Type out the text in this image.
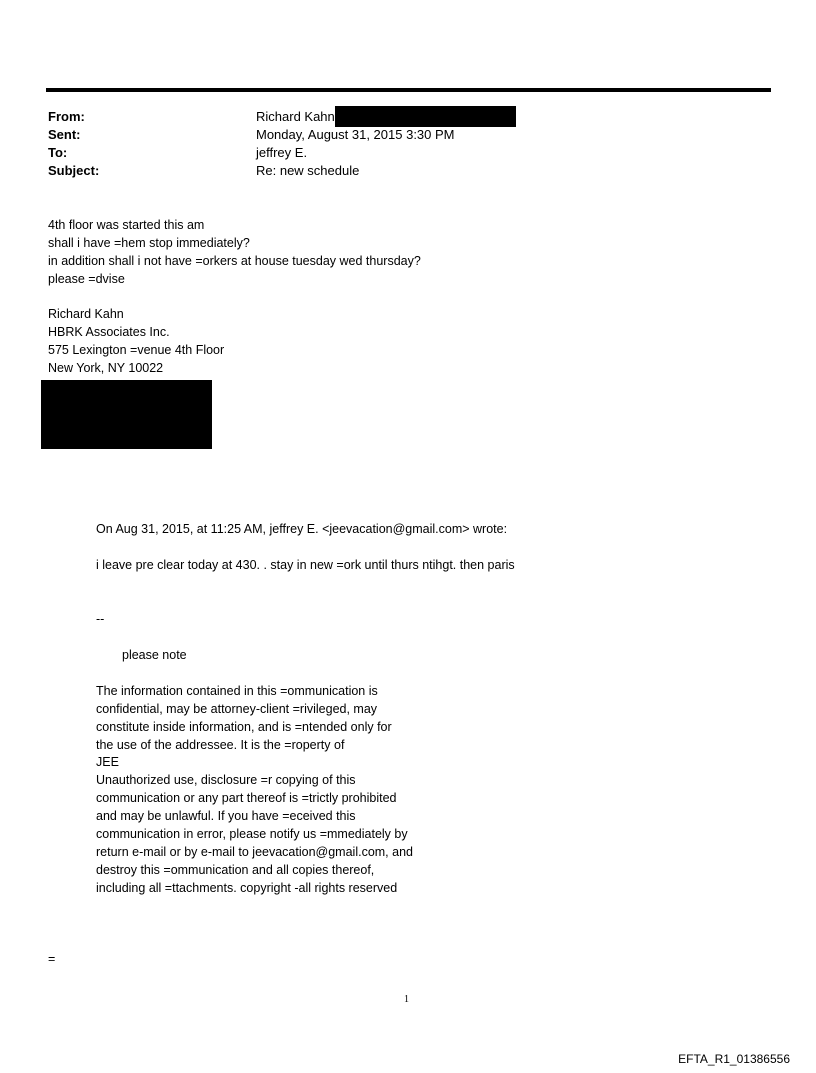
From:	Richard Kahn
Sent:	Monday, August 31, 2015 3:30 PM
To:	jeffrey E.
Subject:	Re: new schedule
4th floor was started this am
shall i have =hem stop immediately?
in addition shall i not have =orkers at house tuesday wed thursday?
please =dvise
Richard Kahn
HBRK Associates Inc.
575 Lexington =venue 4th Floor
New York, NY 10022
On Aug 31, 2015, at 11:25 AM, jeffrey E. <jeevacation@gmail.com> wrote:
i leave pre clear today at 430. . stay in new =ork until thurs ntihgt. then paris
--
please note
The information contained in this =ommunication is
confidential, may be attorney-client =rivileged, may
constitute inside information, and is =ntended only for
the use of the addressee. It is the =roperty of
JEE
Unauthorized use, disclosure =r copying of this
communication or any part thereof is =trictly prohibited
and may be unlawful. If you have =eceived this
communication in error, please notify us =mmediately by
return e-mail or by e-mail to jeevacation@gmail.com, and
destroy this =ommunication and all copies thereof,
including all =ttachments. copyright -all rights reserved
=
1
EFTA_R1_01386556
